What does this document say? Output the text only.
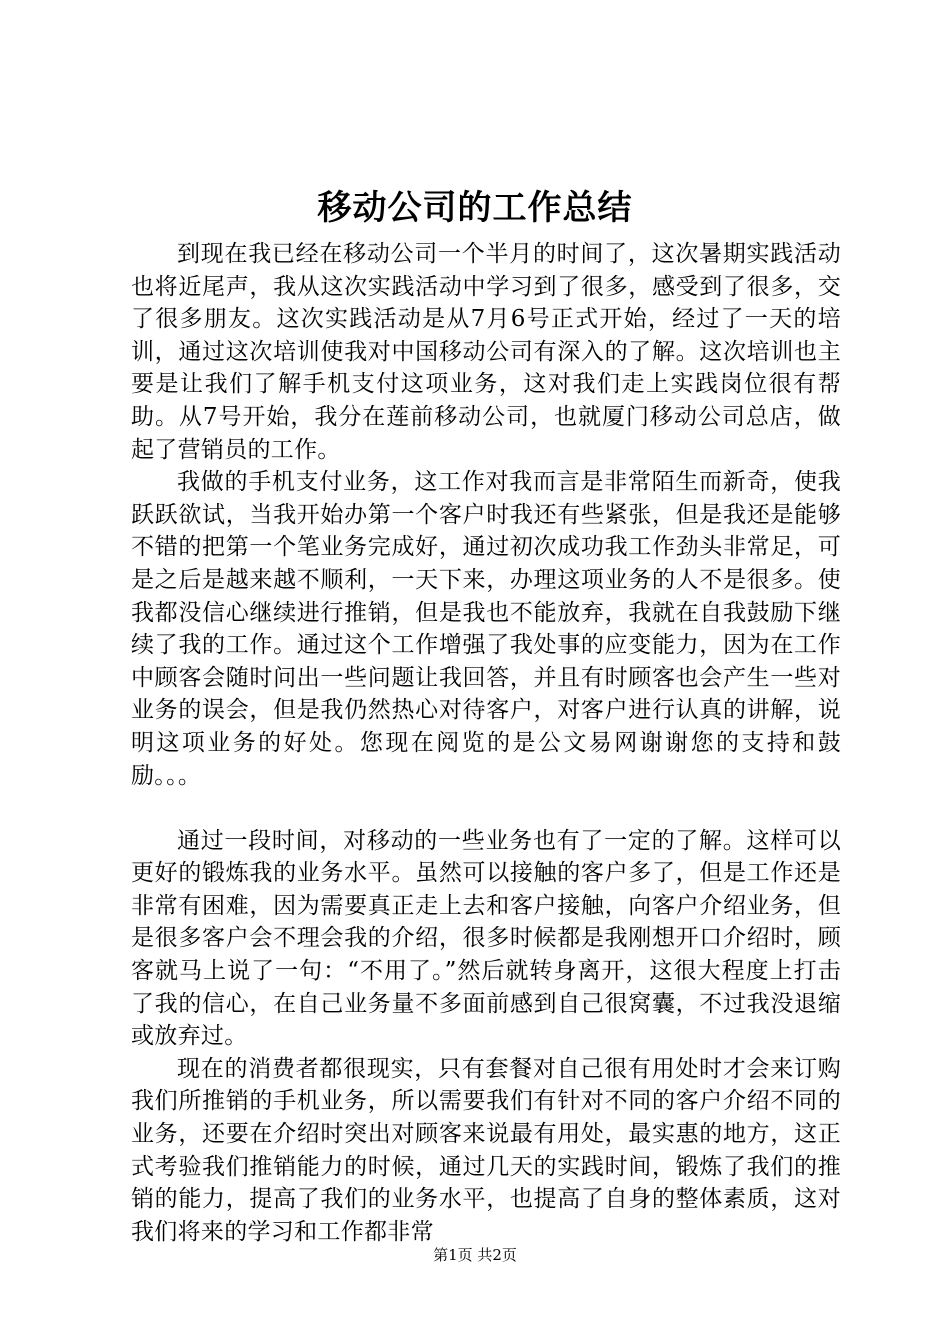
移动公司的工作总结

到现在我已经在移动公司一个半月的时间了，这次暑期实践活动也将近尾声，我从这次实践活动中学习到了很多，感受到了很多，交了很多朋友。这次实践活动是从7月6号正式开始，经过了一天的培训，通过这次培训使我对中国移动公司有深入的了解。这次培训也主要是让我们了解手机支付这项业务，这对我们走上实践岗位很有帮助。从7号开始，我分在莲前移动公司，也就厦门移动公司总店，做起了营销员的工作。

我做的手机支付业务，这工作对我而言是非常陌生而新奇，使我跃跃欲试，当我开始办第一个客户时我还有些紧张，但是我还是能够不错的把第一个笔业务完成好，通过初次成功我工作劲头非常足，可是之后是越来越不顺利，一天下来，办理这项业务的人不是很多。使我都没信心继续进行推销，但是我也不能放弃，我就在自我鼓励下继续了我的工作。通过这个工作增强了我处事的应变能力，因为在工作中顾客会随时问出一些问题让我回答，并且有时顾客也会产生一些对业务的误会，但是我仍然热心对待客户，对客户进行认真的讲解，说明这项业务的好处。您现在阅览的是公文易网谢谢您的支持和鼓励。。。

通过一段时间，对移动的一些业务也有了一定的了解。这样可以更好的锻炼我的业务水平。虽然可以接触的客户多了，但是工作还是非常有困难，因为需要真正走上去和客户接触，向客户介绍业务，但是很多客户会不理会我的介绍，很多时候都是我刚想开口介绍时，顾客就马上说了一句：“不用了。”然后就转身离开，这很大程度上打击了我的信心，在自己业务量不多面前感到自己很窝囊，不过我没退缩或放弃过。

现在的消费者都很现实，只有套餐对自己很有用处时才会来订购我们所推销的手机业务，所以需要我们有针对不同的客户介绍不同的业务，还要在介绍时突出对顾客来说最有用处，最实惠的地方，这正式考验我们推销能力的时候，通过几天的实践时间，锻炼了我们的推销的能力，提高了我们的业务水平，也提高了自身的整体素质，这对我们将来的学习和工作都非常

第1页 共2页
